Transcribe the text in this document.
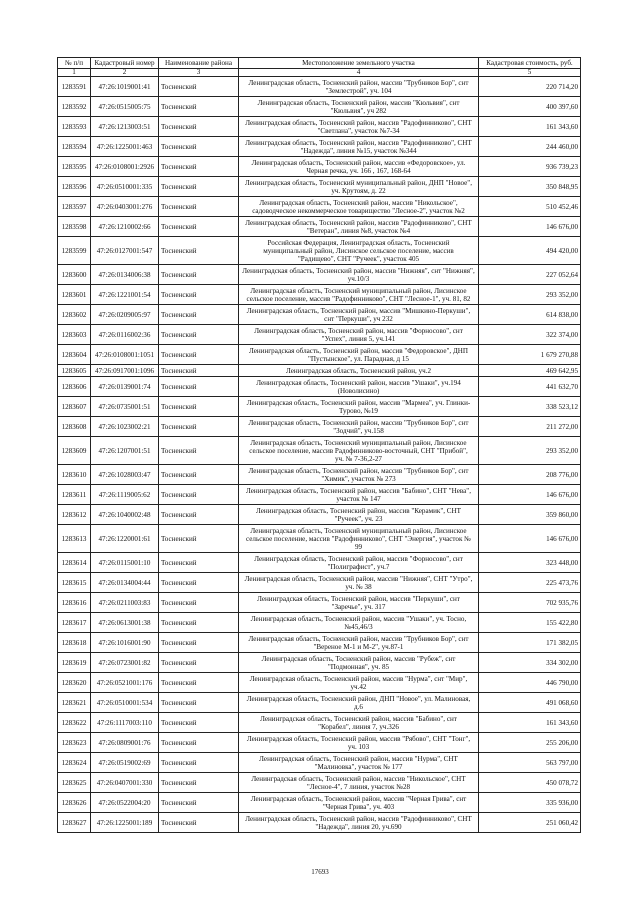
№ п/п	Кадастровый номер	Наименование района	Местоположение земельного участка	Кадастровая стоимость, руб.
1	2	3	4	5
1283591	47:26:1019001:41	Тосненский	Ленинградская область, Тосненский район, массив "Трубников Бор", снт
"Землестрой", уч. 104	220 714,20
1283592	47:26:0515005:75	Тосненский	Ленинградская область, Тосненский район, массив "Кюльвия", снт
"Кюльвия", уч 282	400 397,60
1283593	47:26:1213003:51	Тосненский	Ленинградская область, Тосненский район, массив "Радофинниково", СНТ
"Светлана", участок №7-34	161 343,60
1283594	47:26:1225001:463	Тосненский	Ленинградская область, Тосненский район, массив "Радофинниково", СНТ
"Надежда", линия №15, участок №344	244 460,00
1283595	47:26:0108001:2926	Тосненский	Ленинградская область, Тосненский район, массив «Федоровское», ул.
Черная речка, уч. 166 , 167, 168-64	936 739,23
1283596	47:26:0510001:335	Тосненский	Ленинградская область, Тосненский муниципальный район, ДНП "Новое",
уч. Крутоям, д. 22	350 848,95
1283597	47:26:0403001:276	Тосненский	Ленинградская область, Тосненский район, массив "Никольское",
садоводческое некоммерческое товарищество "Лесное-2", участок №2	510 452,46
1283598	47:26:1210002:66	Тосненский	Ленинградская область, Тосненский район, массив "Радофинниково", СНТ
"Ветеран", линия №8, участок №4	146 676,00
1283599	47:26:0127001:547	Тосненский	Российская Федерация, Ленинградская область, Тосненский
муниципальный район, Лисинское сельское поселение, массив
"Радищево", СНТ "Ручеек", участок 405	494 420,00
1283600	47:26:0134006:38	Тосненский	Ленинградская область, Тосненский район, массив "Нижняя", снт "Нижняя",
уч.10/3	227 052,64
1283601	47:26:1221001:54	Тосненский	Ленинградская область, Тосненский муниципальный район, Лисинское
сельское поселение, массив "Радофинниково", СНТ "Лесное-1", уч. 81, 82	293 352,00
1283602	47:26:0209005:97	Тосненский	Ленинградская область, Тосненский район, массив "Мишкино-Перкуши",
снт "Перкуши", уч 232	614 838,00
1283603	47:26:0116002:36	Тосненский	Ленинградская область, Тосненский район, массив "Форносово", снт
"Успех", линия 5, уч.141	322 374,00
1283604	47:26:0108001:1051	Тосненский	Ленинградская область, Тосненский район, массив "Федоровское", ДНП
"Пустынское", ул. Парадная, д 15	1 679 270,88
1283605	47:26:0917001:1096	Тосненский	Ленинградская область, Тосненский район, уч.2	469 642,95
1283606	47:26:0139001:74	Тосненский	Ленинградская область, Тосненский район, массив "Ушаки", уч.194
(Новолисино)	441 632,70
1283607	47:26:0735001:51	Тосненский	Ленинградская область, Тосненский район, массив "Мармеа", уч. Глинки-
Турово, №19	338 523,12
1283608	47:26:1023002:21	Тосненский	Ленинградская область, Тосненский район, массив "Трубников Бор", снт
"Зодчий", уч.158	211 272,00
1283609	47:26:1207001:51	Тосненский	Ленинградская область, Тосненский муниципальный район, Лисинское
сельское поселение, массив Радофинниково-восточный, СНТ "Прибой",
уч. № 7-36,2-27	293 352,00
1283610	47:26:1028003:47	Тосненский	Ленинградская область, Тосненский район, массив "Трубников Бор", снт
"Химик", участок № 273	208 776,00
1283611	47:26:1119005:62	Тосненский	Ленинградская область, Тосненский район, массив "Бабино", СНТ "Нева",
участок № 147	146 676,00
1283612	47:26:1040002:48	Тосненский	Ленинградская область, Тосненский район, массив "Керамик", СНТ
"Ручеек", уч. 23	359 860,00
1283613	47:26:1220001:61	Тосненский	Ленинградская область, Тосненский муниципальный район, Лисинское
сельское поселение, массив "Радофинниково", СНТ "Энергия", участок №
99	146 676,00
1283614	47:26:0115001:10	Тосненский	Ленинградская область, Тосненский район, массив "Форносово", снт
"Полиграфист", уч.7	323 448,00
1283615	47:26:0134004:44	Тосненский	Ленинградская область, Тосненский район, массив "Нижняя", СНТ "Утро",
уч. № 38	225 473,76
1283616	47:26:0211003:83	Тосненский	Ленинградская область, Тосненский район, массив "Перкуши", снт
"Заречье", уч. 317	702 935,76
1283617	47:26:0613001:38	Тосненский	Ленинградская область, Тосненский район, массив "Ушаки", уч. Тосно,
№45,46/3	155 422,80
1283618	47:26:1016001:90	Тосненский	Ленинградская область, Тосненский район, массив "Трубников Бор", снт
"Вереное М-1 и М-2", уч.87-1	171 382,05
1283619	47:26:0723001:82	Тосненский	Ленинградская область, Тосненский район, массив "Рубеж", снт
"Подмонная", уч. 85	334 302,00
1283620	47:26:0521001:176	Тосненский	Ленинградская область, Тосненский район, массив "Нурма", снт "Мир",
уч.42	446 790,00
1283621	47:26:0510001:534	Тосненский	Ленинградская область, Тосненский район, ДНП "Новое", ул. Малиновая,
д.6	491 068,60
1283622	47:26:1117003:110	Тосненский	Ленинградская область, Тосненский район, массив "Бабино", снт
"Корабел", линия 7, уч.326	161 343,60
1283623	47:26:0809001:76	Тосненский	Ленинградская область, Тосненский район, массив "Рябово", СНТ "Тонг",
уч. 103	255 206,00
1283624	47:26:0519002:69	Тосненский	Ленинградская область, Тосненский район, массив "Нурма", СНТ
"Малиновка", участок № 177	563 797,00
1283625	47:26:0407001:330	Тосненский	Ленинградская область, Тосненский район, массив "Никольское", СНТ
"Лесное-4", 7 линия, участок №28	450 078,72
1283626	47:26:0522004:20	Тосненский	Ленинградская область, Тосненский район, массив "Черная Грива", снт
"Черная Грива", уч. 403	335 936,00
1283627	47:26:1225001:189	Тосненский	Ленинградская область, Тосненский район, массив "Радофинниково", СНТ
"Надежда", линия 20, уч.690	251 060,42
17693
